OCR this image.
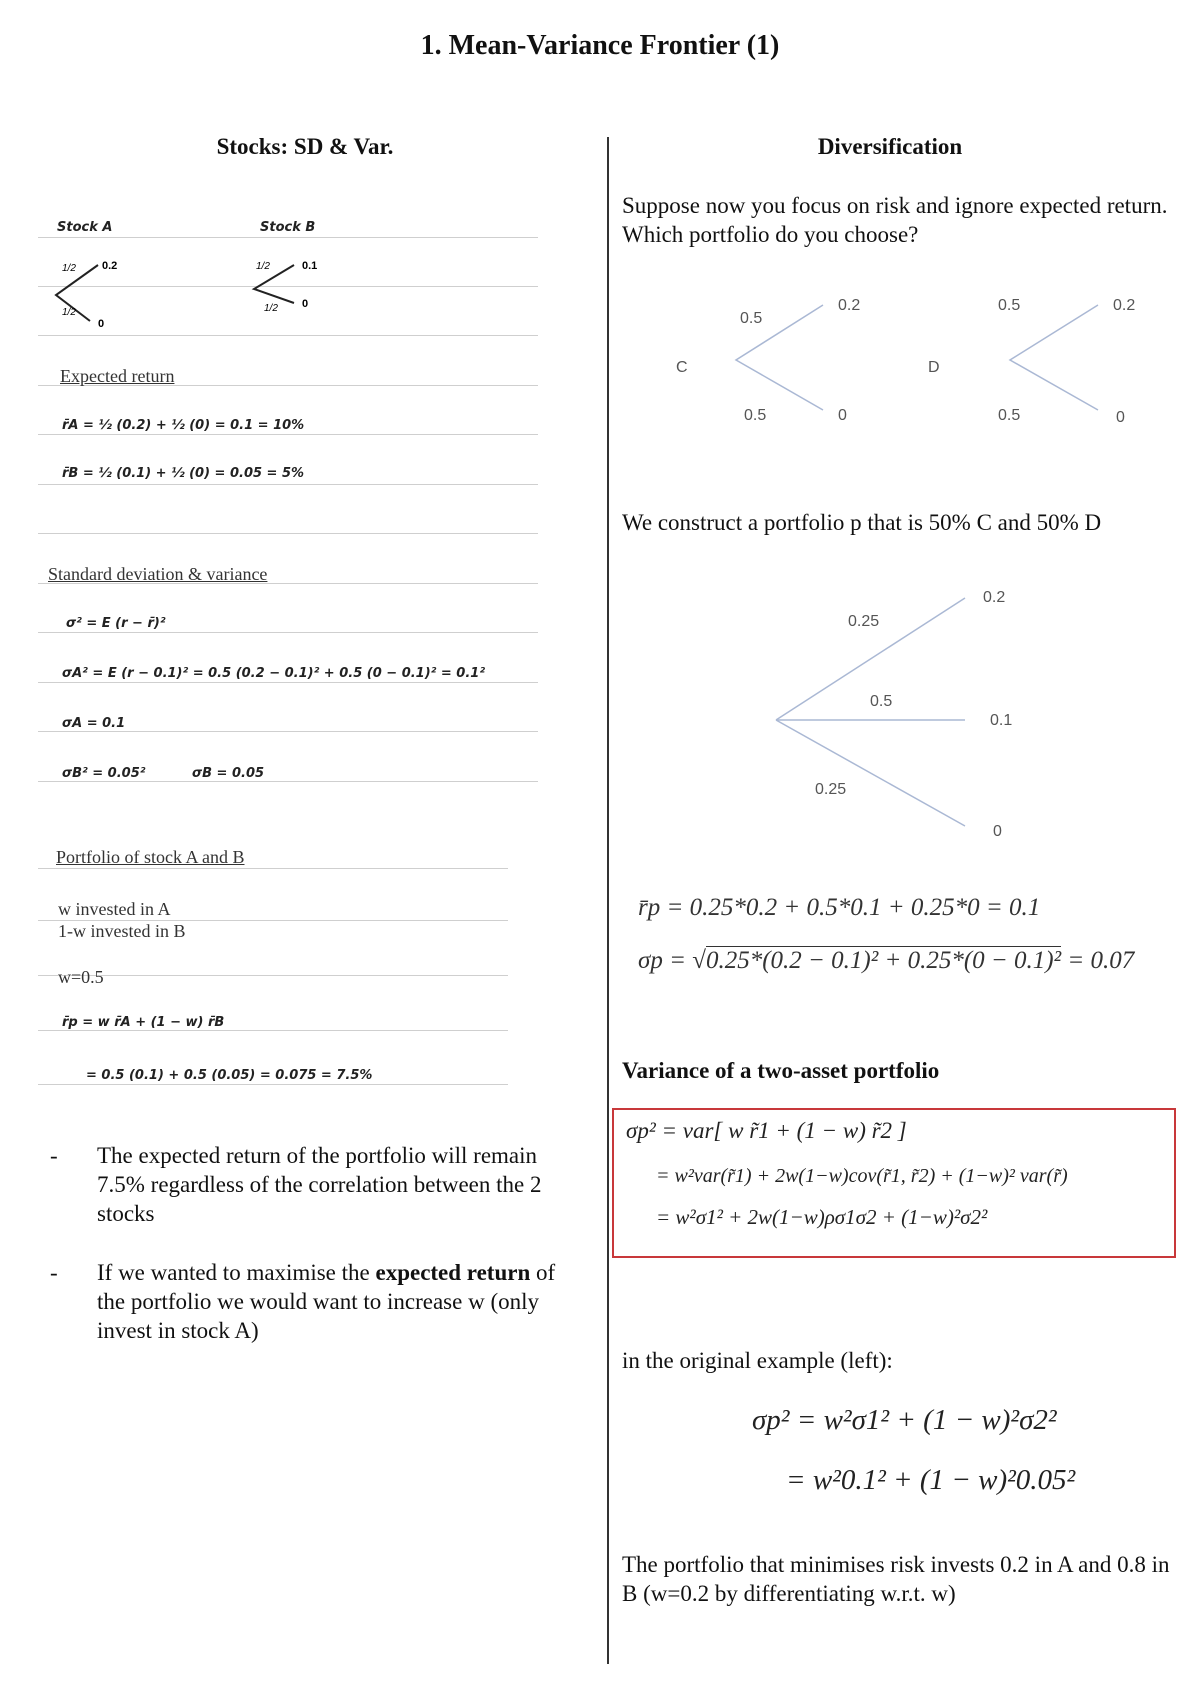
1. Mean-Variance Frontier (1)
Stocks: SD & Var.
Stock A	Stock B
1/2 0.2
1/2
0
1/2	0.1
1/2 0
Expected return
r̄A = ½ (0.2) + ½ (0) = 0.1 = 10%
r̄B = ½ (0.1) + ½ (0) = 0.05 = 5%
Standard deviation & variance
σ² = E (r − r̄)²
σA² = E (r − 0.1)² = 0.5 (0.2 − 0.1)² + 0.5 (0 − 0.1)² = 0.1²
σA = 0.1
σB² = 0.05²	σB = 0.05
Portfolio of stock A and B
w invested in A
1-w invested in B
w=0.5
r̄p = w r̄A + (1 − w) r̄B
= 0.5 (0.1) + 0.5 (0.05) = 0.075 = 7.5%
- The expected return of the portfolio will remain 7.5% regardless of the correlation between the 2 stocks
- If we wanted to maximise the expected return of the portfolio we would want to increase w (only invest in stock A)
Diversification
Suppose now you focus on risk and ignore expected return. Which portfolio do you choose?
C
0.5
0.2
0.5	0
D
0.5	0.2
0.5	0
We construct a portfolio p that is 50% C and 50% D
0.25
0.2
0.5
0.1
0.25
0
r̄p = 0.25*0.2 + 0.5*0.1 + 0.25*0 = 0.1
σp = √0.25*(0.2 − 0.1)² + 0.25*(0 − 0.1)² = 0.07
Variance of a two-asset portfolio
σp² = var[ w r̃1 + (1 − w) r̃2 ]
= w²var(r̃1) + 2w(1−w)cov(r̃1, r̃2) + (1−w)² var(r̃)
= w²σ1² + 2w(1−w)ρσ1σ2 + (1−w)²σ2²
in the original example (left):
σp² = w²σ1² + (1 − w)²σ2²
= w²0.1² + (1 − w)²0.05²
The portfolio that minimises risk invests 0.2 in A and 0.8 in B (w=0.2 by differentiating w.r.t. w)
